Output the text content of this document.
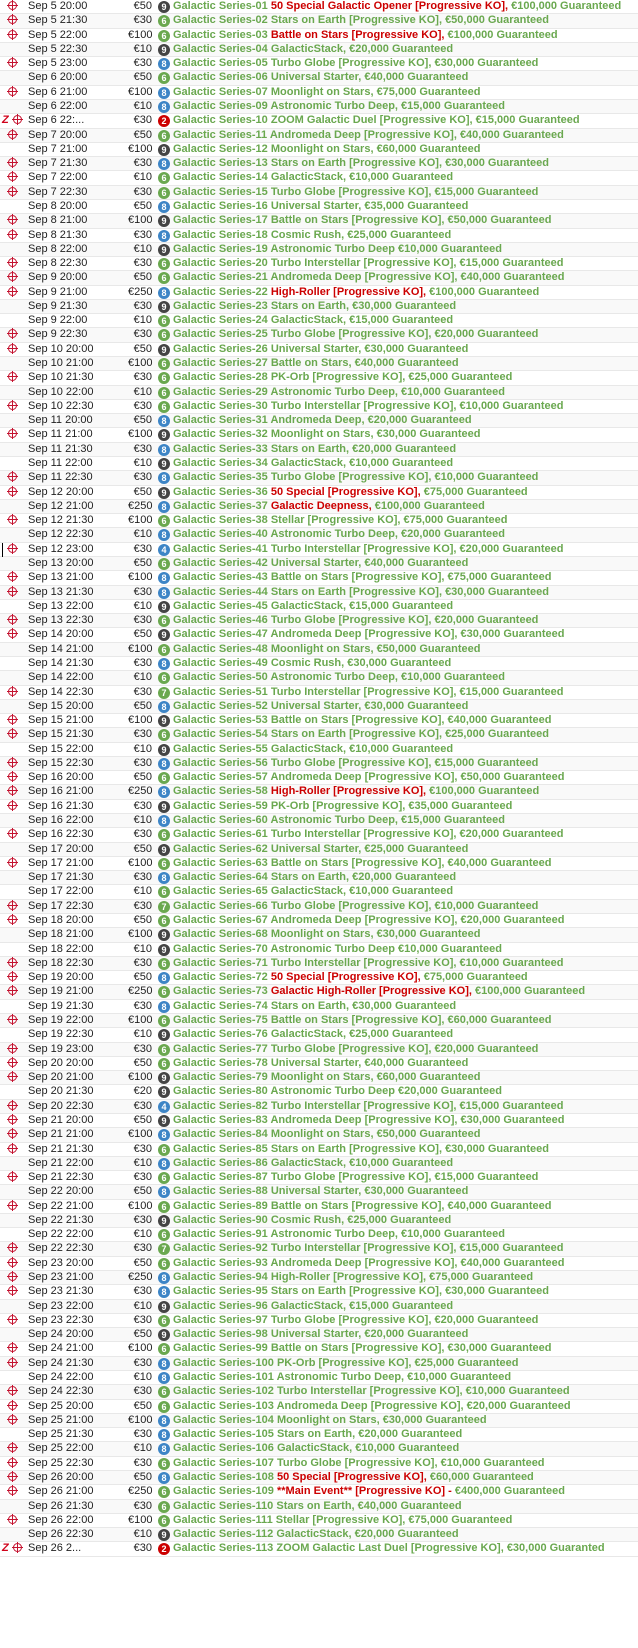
Sep 5 20:00	€50	9 Galactic Series-01 50 Special Galactic Opener [Progressive KO], €100,000 Guaranteed
Sep 5 21:30	€30	6 Galactic Series-02 Stars on Earth [Progressive KO], €50,000 Guaranteed
Sep 5 22:00	€100	6 Galactic Series-03 Battle on Stars [Progressive KO], €100,000 Guaranteed
Sep 5 22:30	€10	9 Galactic Series-04 GalacticStack, €20,000 Guaranteed
Sep 5 23:00	€30	8 Galactic Series-05 Turbo Globe [Progressive KO], €30,000 Guaranteed
Sep 6 20:00	€50	6 Galactic Series-06 Universal Starter, €40,000 Guaranteed
Sep 6 21:00	€100	8 Galactic Series-07 Moonlight on Stars, €75,000 Guaranteed
Sep 6 22:00	€10	8 Galactic Series-09 Astronomic Turbo Deep, €15,000 Guaranteed
Z Sep 6 22:...	€30	2 Galactic Series-10 ZOOM Galactic Duel [Progressive KO], €15,000 Guaranteed
Sep 7 20:00	€50	6 Galactic Series-11 Andromeda Deep [Progressive KO], €40,000 Guaranteed
Sep 7 21:00	€100	9 Galactic Series-12 Moonlight on Stars, €60,000 Guaranteed
Sep 7 21:30	€30	8 Galactic Series-13 Stars on Earth [Progressive KO], €30,000 Guaranteed
Sep 7 22:00	€10	6 Galactic Series-14 GalacticStack, €10,000 Guaranteed
Sep 7 22:30	€30	6 Galactic Series-15 Turbo Globe [Progressive KO], €15,000 Guaranteed
Sep 8 20:00	€50	8 Galactic Series-16 Universal Starter, €35,000 Guaranteed
Sep 8 21:00	€100	9 Galactic Series-17 Battle on Stars [Progressive KO], €50,000 Guaranteed
Sep 8 21:30	€30	8 Galactic Series-18 Cosmic Rush, €25,000 Guaranteed
Sep 8 22:00	€10	9 Galactic Series-19 Astronomic Turbo Deep €10,000 Guaranteed
Sep 8 22:30	€30	6 Galactic Series-20 Turbo Interstellar [Progressive KO], €15,000 Guaranteed
Sep 9 20:00	€50	6 Galactic Series-21 Andromeda Deep [Progressive KO], €40,000 Guaranteed
Sep 9 21:00	€250	8 Galactic Series-22 High-Roller [Progressive KO], €100,000 Guaranteed
Sep 9 21:30	€30	9 Galactic Series-23 Stars on Earth, €30,000 Guaranteed
Sep 9 22:00	€10	6 Galactic Series-24 GalacticStack, €15,000 Guaranteed
Sep 9 22:30	€30	6 Galactic Series-25 Turbo Globe [Progressive KO], €20,000 Guaranteed
Sep 10 20:00	€50	9 Galactic Series-26 Universal Starter, €30,000 Guaranteed
Sep 10 21:00	€100	6 Galactic Series-27 Battle on Stars, €40,000 Guaranteed
Sep 10 21:30	€30	6 Galactic Series-28 PK-Orb [Progressive KO], €25,000 Guaranteed
Sep 10 22:00	€10	6 Galactic Series-29 Astronomic Turbo Deep, €10,000 Guaranteed
Sep 10 22:30	€30	6 Galactic Series-30 Turbo Interstellar [Progressive KO], €10,000 Guaranteed
Sep 11 20:00	€50	8 Galactic Series-31 Andromeda Deep, €20,000 Guaranteed
Sep 11 21:00	€100	9 Galactic Series-32 Moonlight on Stars, €30,000 Guaranteed
Sep 11 21:30	€30	8 Galactic Series-33 Stars on Earth, €20,000 Guaranteed
Sep 11 22:00	€10	9 Galactic Series-34 GalacticStack, €10,000 Guaranteed
Sep 11 22:30	€30	8 Galactic Series-35 Turbo Globe [Progressive KO], €10,000 Guaranteed
Sep 12 20:00	€50	9 Galactic Series-36 50 Special [Progressive KO], €75,000 Guaranteed
Sep 12 21:00	€250	8 Galactic Series-37 Galactic Deepness, €100,000 Guaranteed
Sep 12 21:30	€100	6 Galactic Series-38 Stellar [Progressive KO], €75,000 Guaranteed
Sep 12 22:30	€10	8 Galactic Series-40 Astronomic Turbo Deep, €20,000 Guaranteed
Sep 12 23:00	€30	4 Galactic Series-41 Turbo Interstellar [Progressive KO], €20,000 Guaranteed
Sep 13 20:00	€50	6 Galactic Series-42 Universal Starter, €40,000 Guaranteed
Sep 13 21:00	€100	8 Galactic Series-43 Battle on Stars [Progressive KO], €75,000 Guaranteed
Sep 13 21:30	€30	8 Galactic Series-44 Stars on Earth [Progressive KO], €30,000 Guaranteed
Sep 13 22:00	€10	9 Galactic Series-45 GalacticStack, €15,000 Guaranteed
Sep 13 22:30	€30	6 Galactic Series-46 Turbo Globe [Progressive KO], €20,000 Guaranteed
Sep 14 20:00	€50	9 Galactic Series-47 Andromeda Deep [Progressive KO], €30,000 Guaranteed
Sep 14 21:00	€100	6 Galactic Series-48 Moonlight on Stars, €50,000 Guaranteed
Sep 14 21:30	€30	8 Galactic Series-49 Cosmic Rush, €30,000 Guaranteed
Sep 14 22:00	€10	6 Galactic Series-50 Astronomic Turbo Deep, €10,000 Guaranteed
Sep 14 22:30	€30	7 Galactic Series-51 Turbo Interstellar [Progressive KO], €15,000 Guaranteed
Sep 15 20:00	€50	8 Galactic Series-52 Universal Starter, €30,000 Guaranteed
Sep 15 21:00	€100	9 Galactic Series-53 Battle on Stars [Progressive KO], €40,000 Guaranteed
Sep 15 21:30	€30	6 Galactic Series-54 Stars on Earth [Progressive KO], €25,000 Guaranteed
Sep 15 22:00	€10	9 Galactic Series-55 GalacticStack, €10,000 Guaranteed
Sep 15 22:30	€30	8 Galactic Series-56 Turbo Globe [Progressive KO], €15,000 Guaranteed
Sep 16 20:00	€50	6 Galactic Series-57 Andromeda Deep [Progressive KO], €50,000 Guaranteed
Sep 16 21:00	€250	8 Galactic Series-58 High-Roller [Progressive KO], €100,000 Guaranteed
Sep 16 21:30	€30	9 Galactic Series-59 PK-Orb [Progressive KO], €35,000 Guaranteed
Sep 16 22:00	€10	8 Galactic Series-60 Astronomic Turbo Deep, €15,000 Guaranteed
Sep 16 22:30	€30	6 Galactic Series-61 Turbo Interstellar [Progressive KO], €20,000 Guaranteed
Sep 17 20:00	€50	9 Galactic Series-62 Universal Starter, €25,000 Guaranteed
Sep 17 21:00	€100	6 Galactic Series-63 Battle on Stars [Progressive KO], €40,000 Guaranteed
Sep 17 21:30	€30	8 Galactic Series-64 Stars on Earth, €20,000 Guaranteed
Sep 17 22:00	€10	6 Galactic Series-65 GalacticStack, €10,000 Guaranteed
Sep 17 22:30	€30	7 Galactic Series-66 Turbo Globe [Progressive KO], €10,000 Guaranteed
Sep 18 20:00	€50	6 Galactic Series-67 Andromeda Deep [Progressive KO], €20,000 Guaranteed
Sep 18 21:00	€100	9 Galactic Series-68 Moonlight on Stars, €30,000 Guaranteed
Sep 18 22:00	€10	9 Galactic Series-70 Astronomic Turbo Deep €10,000 Guaranteed
Sep 18 22:30	€30	6 Galactic Series-71 Turbo Interstellar [Progressive KO], €10,000 Guaranteed
Sep 19 20:00	€50	8 Galactic Series-72 50 Special [Progressive KO], €75,000 Guaranteed
Sep 19 21:00	€250	6 Galactic Series-73 Galactic High-Roller [Progressive KO], €100,000 Guaranteed
Sep 19 21:30	€30	8 Galactic Series-74 Stars on Earth, €30,000 Guaranteed
Sep 19 22:00	€100	6 Galactic Series-75 Battle on Stars [Progressive KO], €60,000 Guaranteed
Sep 19 22:30	€10	9 Galactic Series-76 GalacticStack, €25,000 Guaranteed
Sep 19 23:00	€30	6 Galactic Series-77 Turbo Globe [Progressive KO], €20,000 Guaranteed
Sep 20 20:00	€50	6 Galactic Series-78 Universal Starter, €40,000 Guaranteed
Sep 20 21:00	€100	9 Galactic Series-79 Moonlight on Stars, €60,000 Guaranteed
Sep 20 21:30	€20	9 Galactic Series-80 Astronomic Turbo Deep €20,000 Guaranteed
Sep 20 22:30	€30	4 Galactic Series-82 Turbo Interstellar [Progressive KO], €15,000 Guaranteed
Sep 21 20:00	€50	9 Galactic Series-83 Andromeda Deep [Progressive KO], €30,000 Guaranteed
Sep 21 21:00	€100	8 Galactic Series-84 Moonlight on Stars, €50,000 Guaranteed
Sep 21 21:30	€30	6 Galactic Series-85 Stars on Earth [Progressive KO], €30,000 Guaranteed
Sep 21 22:00	€10	8 Galactic Series-86 GalacticStack, €10,000 Guaranteed
Sep 21 22:30	€30	6 Galactic Series-87 Turbo Globe [Progressive KO], €15,000 Guaranteed
Sep 22 20:00	€50	8 Galactic Series-88 Universal Starter, €30,000 Guaranteed
Sep 22 21:00	€100	6 Galactic Series-89 Battle on Stars [Progressive KO], €40,000 Guaranteed
Sep 22 21:30	€30	9 Galactic Series-90 Cosmic Rush, €25,000 Guaranteed
Sep 22 22:00	€10	6 Galactic Series-91 Astronomic Turbo Deep, €10,000 Guaranteed
Sep 22 22:30	€30	7 Galactic Series-92 Turbo Interstellar [Progressive KO], €15,000 Guaranteed
Sep 23 20:00	€50	6 Galactic Series-93 Andromeda Deep [Progressive KO], €40,000 Guaranteed
Sep 23 21:00	€250	8 Galactic Series-94 High-Roller [Progressive KO], €75,000 Guaranteed
Sep 23 21:30	€30	8 Galactic Series-95 Stars on Earth [Progressive KO], €30,000 Guaranteed
Sep 23 22:00	€10	9 Galactic Series-96 GalacticStack, €15,000 Guaranteed
Sep 23 22:30	€30	6 Galactic Series-97 Turbo Globe [Progressive KO], €20,000 Guaranteed
Sep 24 20:00	€50	9 Galactic Series-98 Universal Starter, €20,000 Guaranteed
Sep 24 21:00	€100	6 Galactic Series-99 Battle on Stars [Progressive KO], €30,000 Guaranteed
Sep 24 21:30	€30	8 Galactic Series-100 PK-Orb [Progressive KO], €25,000 Guaranteed
Sep 24 22:00	€10	8 Galactic Series-101 Astronomic Turbo Deep, €10,000 Guaranteed
Sep 24 22:30	€30	6 Galactic Series-102 Turbo Interstellar [Progressive KO], €10,000 Guaranteed
Sep 25 20:00	€50	6 Galactic Series-103 Andromeda Deep [Progressive KO], €20,000 Guaranteed
Sep 25 21:00	€100	8 Galactic Series-104 Moonlight on Stars, €30,000 Guaranteed
Sep 25 21:30	€30	8 Galactic Series-105 Stars on Earth, €20,000 Guaranteed
Sep 25 22:00	€10	8 Galactic Series-106 GalacticStack, €10,000 Guaranteed
Sep 25 22:30	€30	6 Galactic Series-107 Turbo Globe [Progressive KO], €10,000 Guaranteed
Sep 26 20:00	€50	8 Galactic Series-108 50 Special [Progressive KO], €60,000 Guaranteed
Sep 26 21:00	€250	6 Galactic Series-109 **Main Event** [Progressive KO] - €400,000 Guaranteed
Sep 26 21:30	€30	6 Galactic Series-110 Stars on Earth, €40,000 Guaranteed
Sep 26 22:00	€100	6 Galactic Series-111 Stellar [Progressive KO], €75,000 Guaranteed
Sep 26 22:30	€10	9 Galactic Series-112 GalacticStack, €20,000 Guaranteed
Z Sep 26 2...	€30	2 Galactic Series-113 ZOOM Galactic Last Duel [Progressive KO], €30,000 Guaranted
